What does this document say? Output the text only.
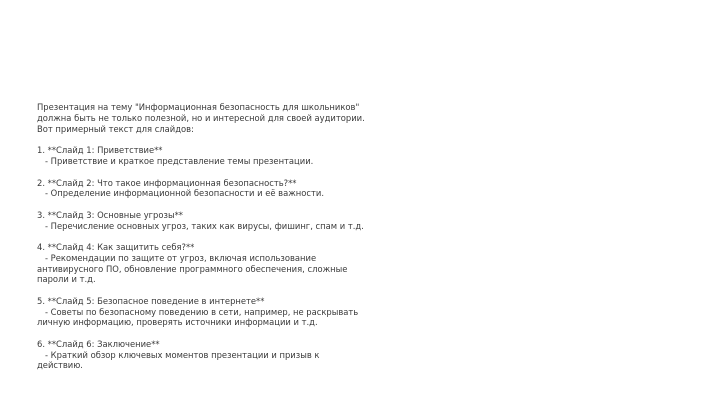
Презентация на тему "Информационная безопасность для школьников" должна быть не только полезной, но и интересной для своей аудитории. Вот примерный текст для слайдов:

1. **Слайд 1: Приветствие**
- Приветствие и краткое представление темы презентации.
2. **Слайд 2: Что такое информационная безопасность?**
- Определение информационной безопасности и её важности.
3. **Слайд 3: Основные угрозы**
- Перечисление основных угроз, таких как вирусы, фишинг, спам и т.д.
4. **Слайд 4: Как защитить себя?**
- Рекомендации по защите от угроз, включая использование антивирусного ПО, обновление программного обеспечения, сложные пароли и т.д.
5. **Слайд 5: Безопасное поведение в интернете**
- Советы по безопасному поведению в сети, например, не раскрывать личную информацию, проверять источники информации и т.д.
6. **Слайд 6: Заключение**
- Краткий обзор ключевых моментов презентации и призыв к действию.
